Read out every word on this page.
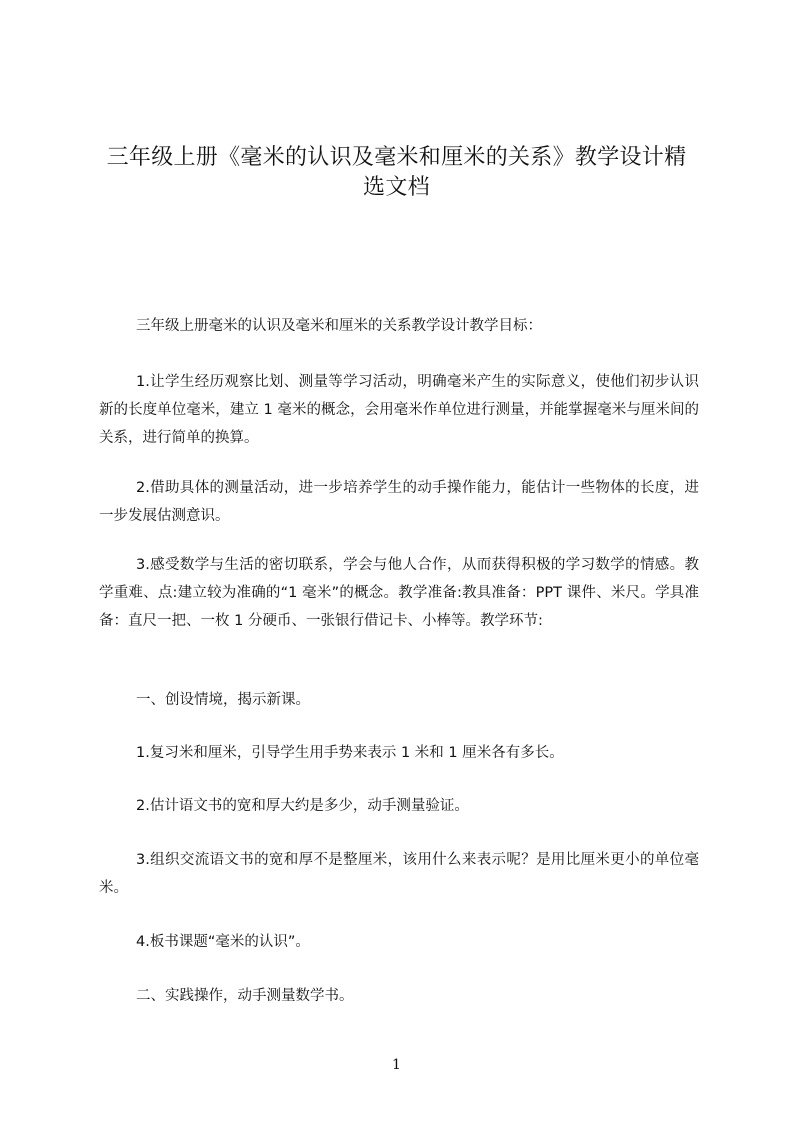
三年级上册《毫米的认识及毫米和厘米的关系》教学设计精选文档

三年级上册毫米的认识及毫米和厘米的关系教学设计教学目标：

1.让学生经历观察比划、测量等学习活动，明确毫米产生的实际意义，使他们初步认识新的长度单位毫米，建立 1 毫米的概念，会用毫米作单位进行测量，并能掌握毫米与厘米间的关系，进行简单的换算。

2.借助具体的测量活动，进一步培养学生的动手操作能力，能估计一些物体的长度，进一步发展估测意识。

3.感受数学与生活的密切联系，学会与他人合作，从而获得积极的学习数学的情感。教学重难、点:建立较为准确的“1 毫米”的概念。教学准备:教具准备：PPT 课件、米尺。学具准备：直尺一把、一枚 1 分硬币、一张银行借记卡、小棒等。教学环节:

一、创设情境，揭示新课。

1.复习米和厘米，引导学生用手势来表示 1 米和 1 厘米各有多长。

2.估计语文书的宽和厚大约是多少，动手测量验证。

3.组织交流语文书的宽和厚不是整厘米，该用什么来表示呢？是用比厘米更小的单位毫米。

4.板书课题“毫米的认识”。

二、实践操作，动手测量数学书。

1
